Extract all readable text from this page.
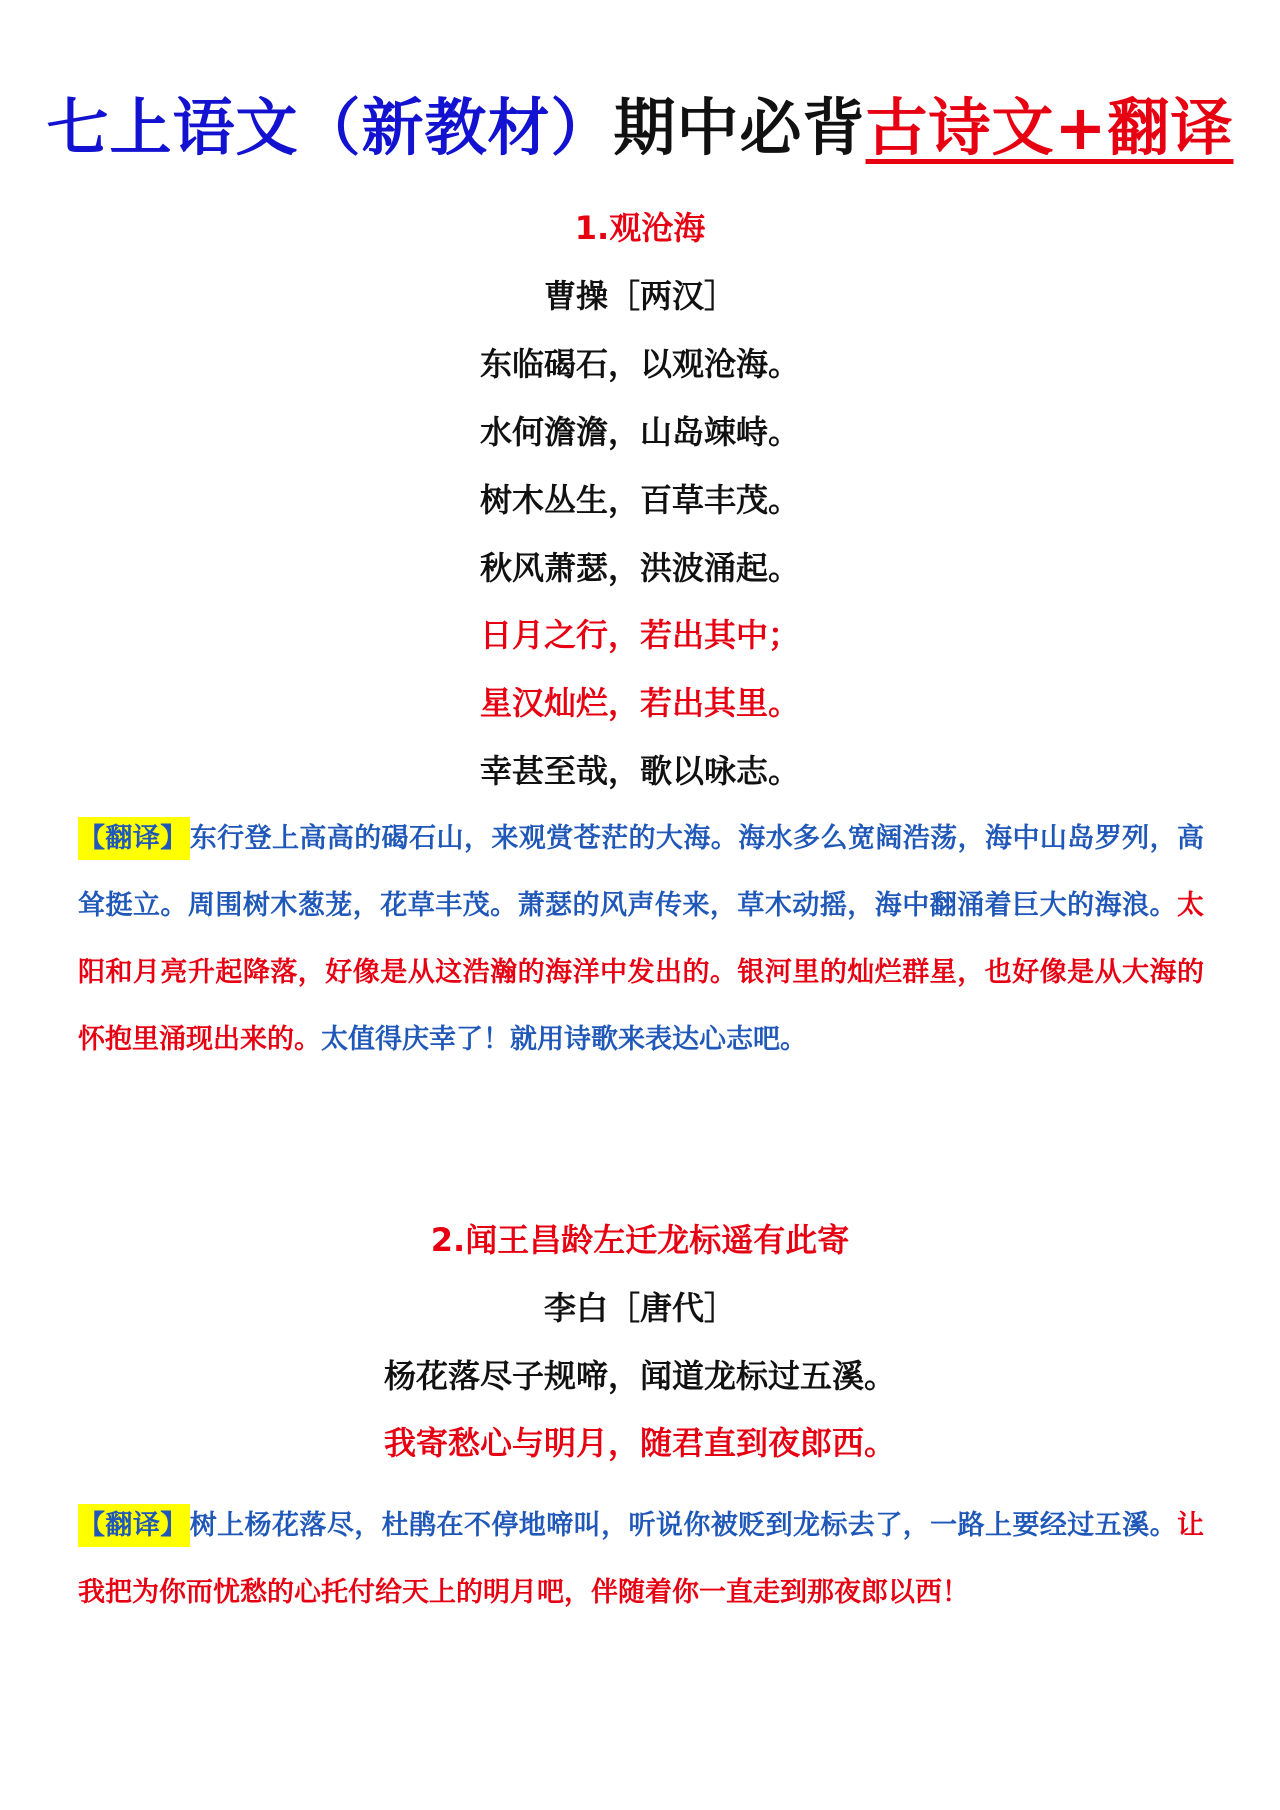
七上语文（新教材）期中必背古诗文+翻译
1.观沧海
曹操［两汉］
东临碣石，以观沧海。
水何澹澹，山岛竦峙。
树木丛生，百草丰茂。
秋风萧瑟，洪波涌起。
日月之行，若出其中；
星汉灿烂，若出其里。
幸甚至哉，歌以咏志。
【翻译】东行登上高高的碣石山，来观赏苍茫的大海。海水多么宽阔浩荡，海中山岛罗列，高耸挺立。周围树木葱茏，花草丰茂。萧瑟的风声传来，草木动摇，海中翻涌着巨大的海浪。太阳和月亮升起降落，好像是从这浩瀚的海洋中发出的。银河里的灿烂群星，也好像是从大海的怀抱里涌现出来的。太值得庆幸了！就用诗歌来表达心志吧。
2.闻王昌龄左迁龙标遥有此寄
李白［唐代］
杨花落尽子规啼，闻道龙标过五溪。
我寄愁心与明月，随君直到夜郎西。
【翻译】树上杨花落尽，杜鹃在不停地啼叫，听说你被贬到龙标去了，一路上要经过五溪。让我把为你而忧愁的心托付给天上的明月吧，伴随着你一直走到那夜郎以西！
